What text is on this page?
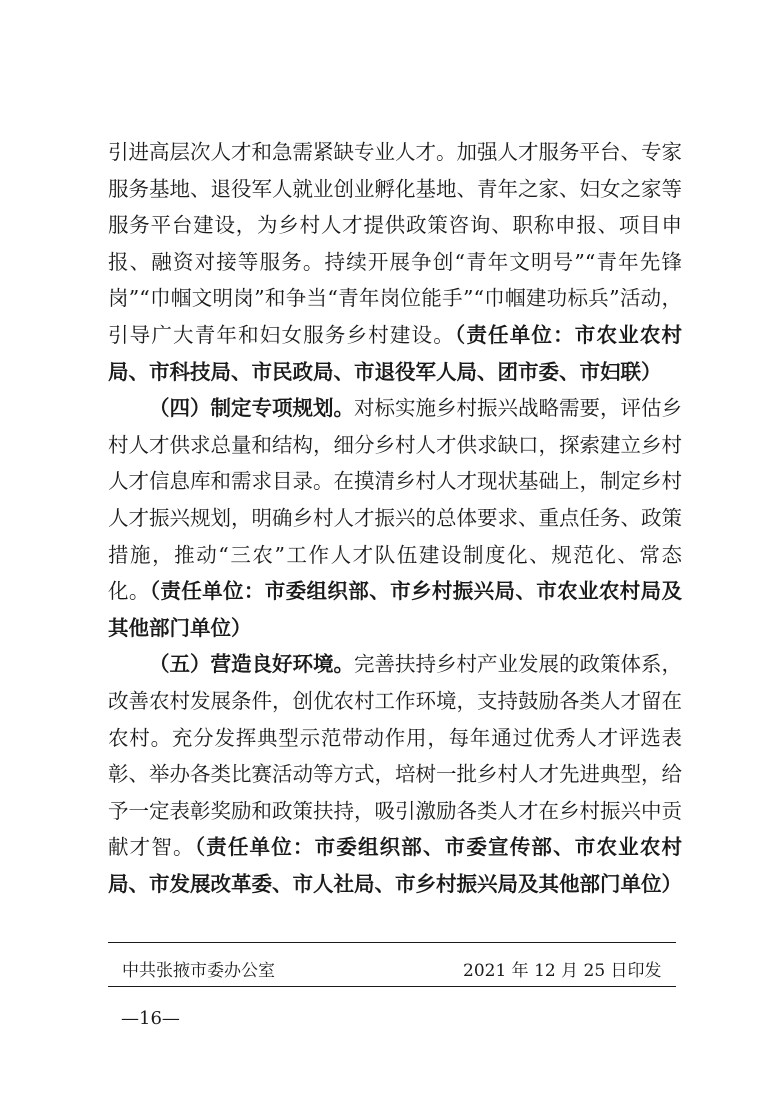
引进高层次人才和急需紧缺专业人才。加强人才服务平台、专家服务基地、退役军人就业创业孵化基地、青年之家、妇女之家等服务平台建设，为乡村人才提供政策咨询、职称申报、项目申报、融资对接等服务。持续开展争创“青年文明号”“青年先锋岗”“巾帼文明岗”和争当“青年岗位能手”“巾帼建功标兵”活动，引导广大青年和妇女服务乡村建设。（责任单位：市农业农村局、市科技局、市民政局、市退役军人局、团市委、市妇联）

（四）制定专项规划。对标实施乡村振兴战略需要，评估乡村人才供求总量和结构，细分乡村人才供求缺口，探索建立乡村人才信息库和需求目录。在摸清乡村人才现状基础上，制定乡村人才振兴规划，明确乡村人才振兴的总体要求、重点任务、政策措施，推动“三农”工作人才队伍建设制度化、规范化、常态化。（责任单位：市委组织部、市乡村振兴局、市农业农村局及其他部门单位）

（五）营造良好环境。完善扶持乡村产业发展的政策体系，改善农村发展条件，创优农村工作环境，支持鼓励各类人才留在农村。充分发挥典型示范带动作用，每年通过优秀人才评选表彰、举办各类比赛活动等方式，培树一批乡村人才先进典型，给予一定表彰奖励和政策扶持，吸引激励各类人才在乡村振兴中贡献才智。（责任单位：市委组织部、市委宣传部、市农业农村局、市发展改革委、市人社局、市乡村振兴局及其他部门单位）

中共张掖市委办公室	2021 年 12 月 25 日印发
—16—
